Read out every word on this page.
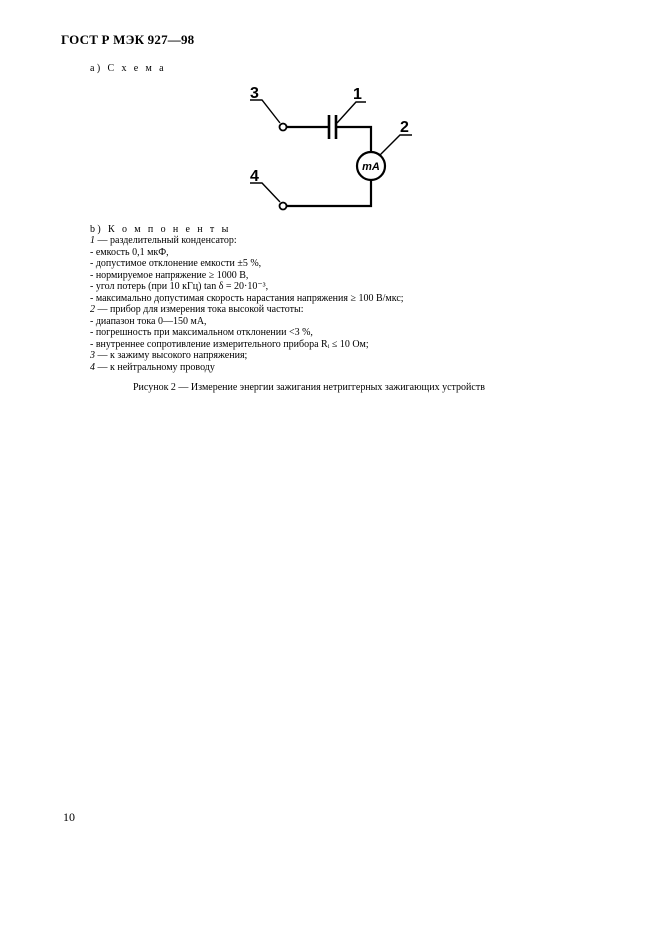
ГОСТ Р МЭК 927—98
а) С х е м а
3	1
2
4
mA
b) К о м п о н е н т ы
1 — разделительный конденсатор:
- емкость 0,1 мкФ,
- допустимое отклонение емкости ±5 %,
- нормируемое напряжение ≥ 1000 В,
- угол потерь (при 10 кГц) tan δ = 20·10⁻³,
- максимально допустимая скорость нарастания напряжения ≥ 100 В/мкс;
2 — прибор для измерения тока высокой частоты:
- диапазон тока 0—150 мА,
- погрешность при максимальном отклонении <3 %,
- внутреннее сопротивление измерительного прибора Rᵢ ≤ 10 Ом;
3 — к зажиму высокого напряжения;
4 — к нейтральному проводу
Рисунок 2 — Измерение энергии зажигания нетриггерных зажигающих устройств
10
